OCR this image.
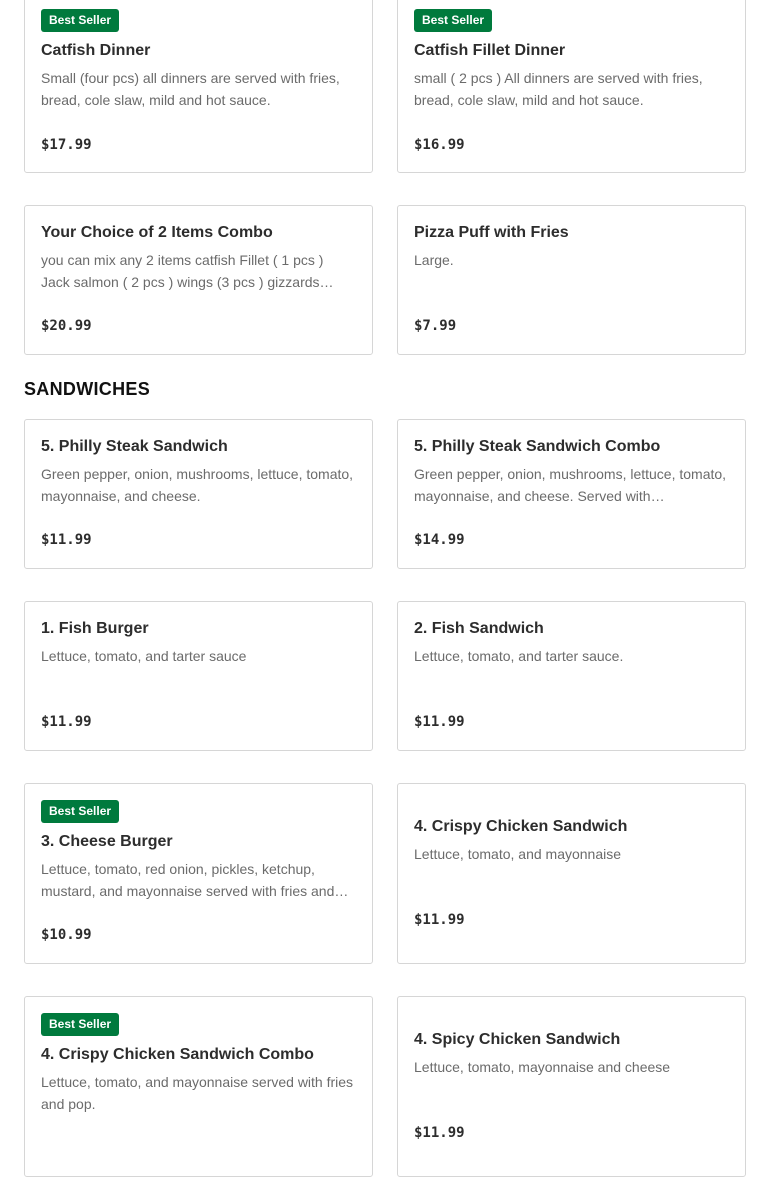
Best Seller
Catfish Dinner
Small (four pcs) all dinners are served with fries, bread, cole slaw, mild and hot sauce.
$17.99
Best Seller
Catfish Fillet Dinner
small ( 2 pcs ) All dinners are served with fries, bread, cole slaw, mild and hot sauce.
$16.99
Your Choice of 2 Items Combo
you can mix any 2 items catfish Fillet ( 1 pcs ) Jack salmon ( 2 pcs ) wings (3 pcs ) gizzards…
$20.99
Pizza Puff with Fries
Large.
$7.99
SANDWICHES
5. Philly Steak Sandwich
Green pepper, onion, mushrooms, lettuce, tomato, mayonnaise, and cheese.
$11.99
5. Philly Steak Sandwich Combo
Green pepper, onion, mushrooms, lettuce, tomato, mayonnaise, and cheese. Served with…
$14.99
1. Fish Burger
Lettuce, tomato, and tarter sauce
$11.99
2. Fish Sandwich
Lettuce, tomato, and tarter sauce.
$11.99
Best Seller
3. Cheese Burger
Lettuce, tomato, red onion, pickles, ketchup, mustard, and mayonnaise served with fries and…
$10.99
4. Crispy Chicken Sandwich
Lettuce, tomato, and mayonnaise
$11.99
Best Seller
4. Crispy Chicken Sandwich Combo
Lettuce, tomato, and mayonnaise served with fries and pop.
4. Spicy Chicken Sandwich
Lettuce, tomato, mayonnaise and cheese
$11.99
